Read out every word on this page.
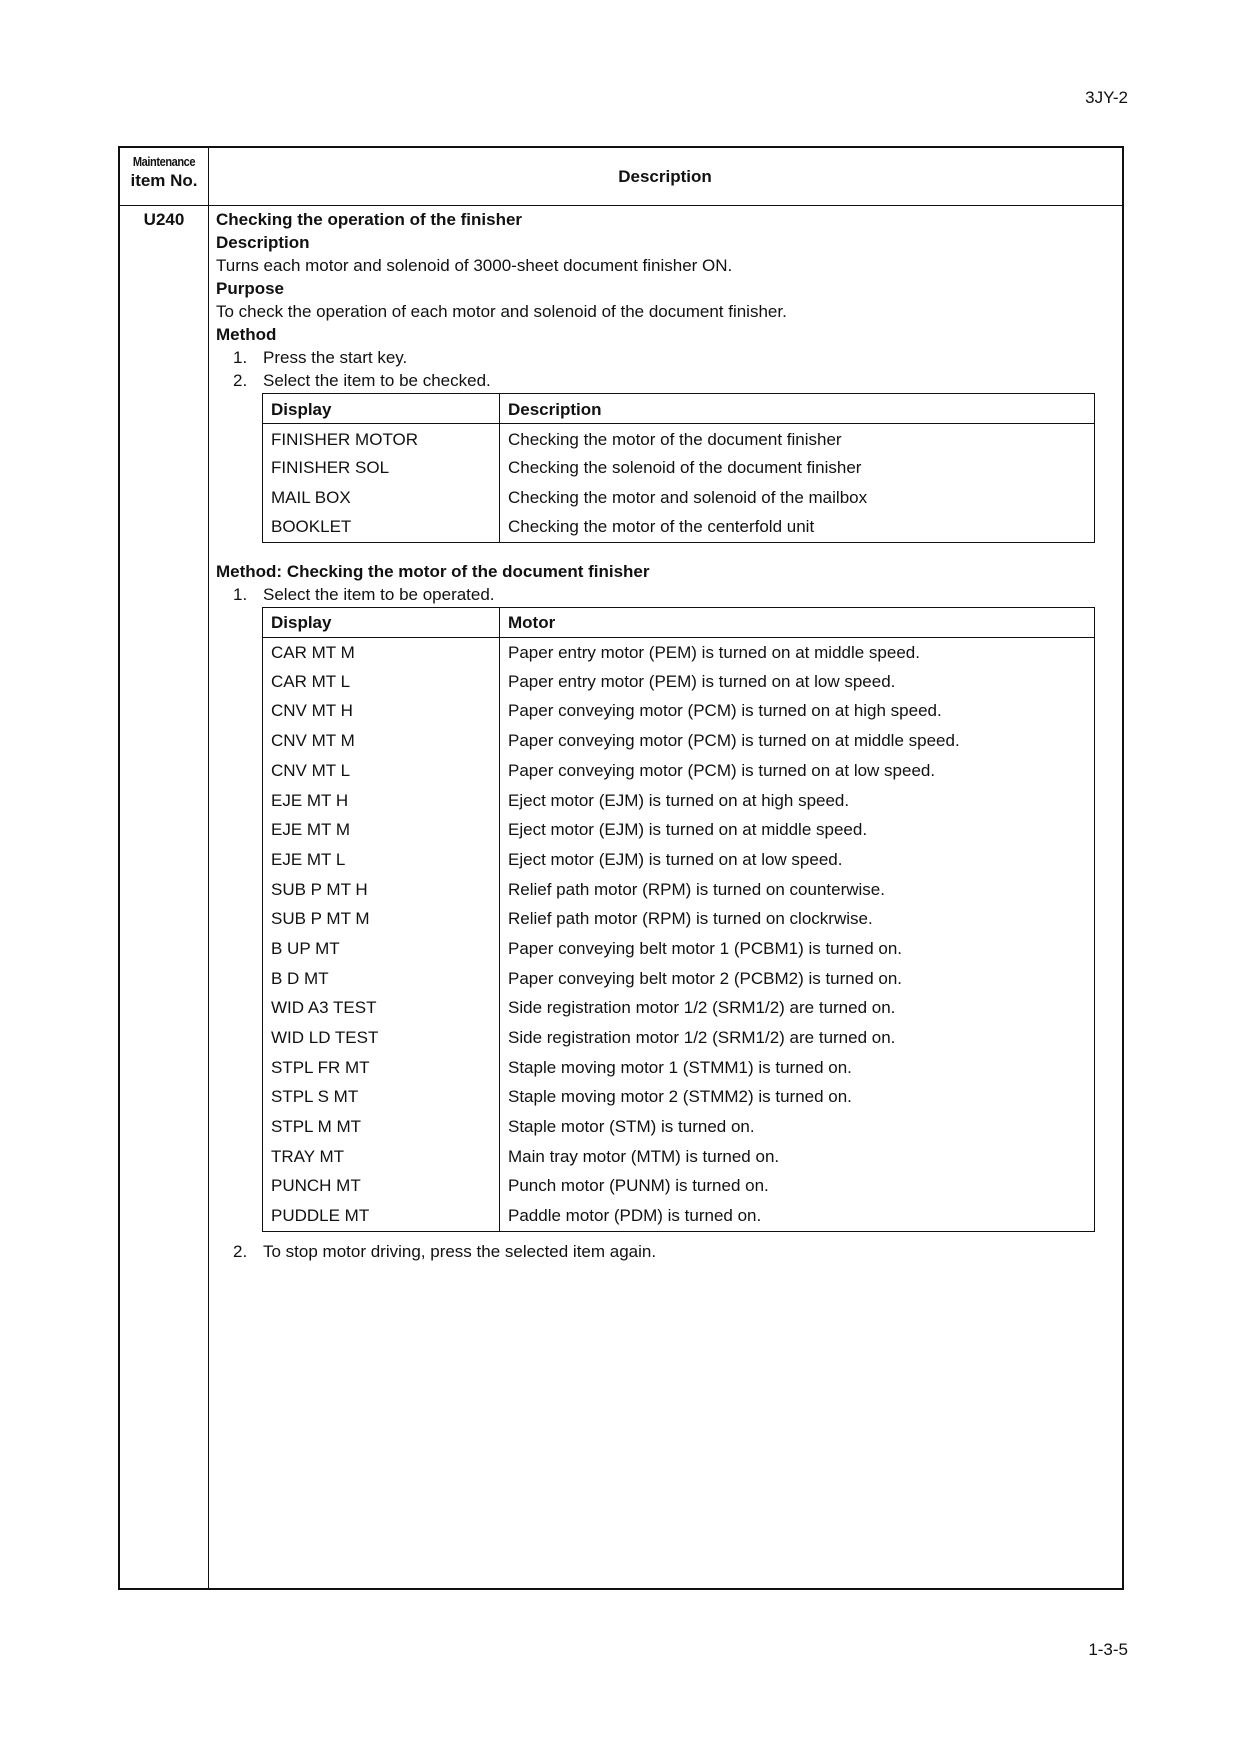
3JY-2
Maintenance
item No.	Description
U240	Checking the operation of the finisher
Description
Turns each motor and solenoid of 3000-sheet document finisher ON.
Purpose
To check the operation of each motor and solenoid of the document finisher.
Method
1. Press the start key.
2. Select the item to be checked.
Display	Description
FINISHER MOTOR	Checking the motor of the document finisher
FINISHER SOL	Checking the solenoid of the document finisher
MAIL BOX	Checking the motor and solenoid of the mailbox
BOOKLET	Checking the motor of the centerfold unit
Method: Checking the motor of the document finisher
1. Select the item to be operated.
Display	Motor
CAR MT M	Paper entry motor (PEM) is turned on at middle speed.
CAR MT L	Paper entry motor (PEM) is turned on at low speed.
CNV MT H	Paper conveying motor (PCM) is turned on at high speed.
CNV MT M	Paper conveying motor (PCM) is turned on at middle speed.
CNV MT L	Paper conveying motor (PCM) is turned on at low speed.
EJE MT H	Eject motor (EJM) is turned on at high speed.
EJE MT M	Eject motor (EJM) is turned on at middle speed.
EJE MT L	Eject motor (EJM) is turned on at low speed.
SUB P MT H	Relief path motor (RPM) is turned on counterwise.
SUB P MT M	Relief path motor (RPM) is turned on clockrwise.
B UP MT	Paper conveying belt motor 1 (PCBM1) is turned on.
B D MT	Paper conveying belt motor 2 (PCBM2) is turned on.
WID A3 TEST	Side registration motor 1/2 (SRM1/2) are turned on.
WID LD TEST	Side registration motor 1/2 (SRM1/2) are turned on.
STPL FR MT	Staple moving motor 1 (STMM1) is turned on.
STPL S MT	Staple moving motor 2 (STMM2) is turned on.
STPL M MT	Staple motor (STM) is turned on.
TRAY MT	Main tray motor (MTM) is turned on.
PUNCH MT	Punch motor (PUNM) is turned on.
PUDDLE MT	Paddle motor (PDM) is turned on.
2. To stop motor driving, press the selected item again.
1-3-5
